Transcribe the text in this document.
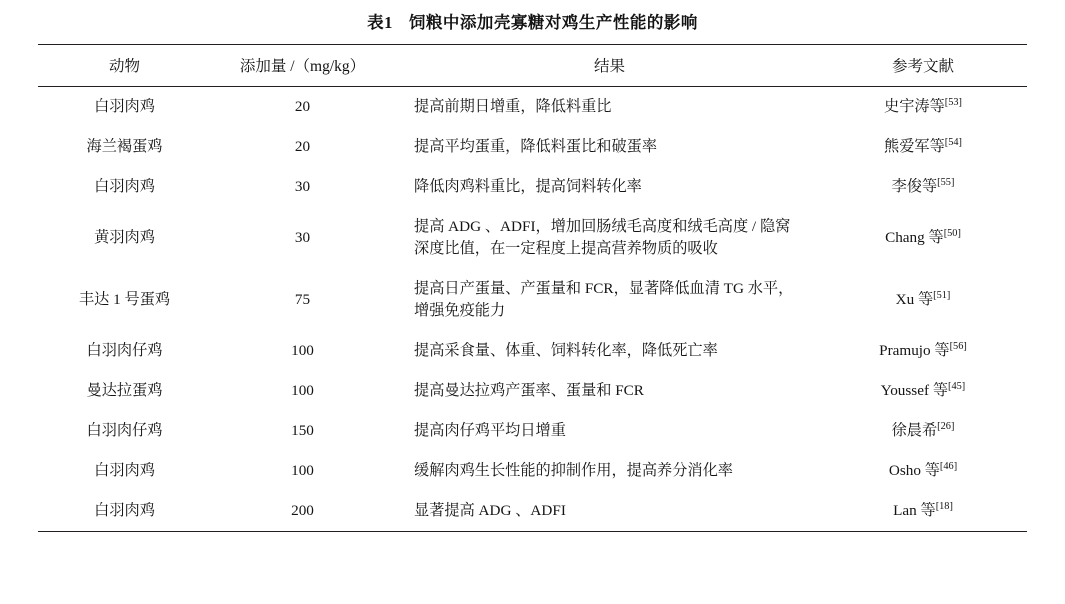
表1 饲粮中添加壳寡糖对鸡生产性能的影响
动物	添加量 /（mg/kg）	结果	参考文献
白羽肉鸡	20	提高前期日增重，降低料重比	史宇涛等[53]
海兰褐蛋鸡	20	提高平均蛋重，降低料蛋比和破蛋率	熊爱军等[54]
白羽肉鸡	30	降低肉鸡料重比，提高饲料转化率	李俊等[55]
黄羽肉鸡	30	提高 ADG 、ADFI，增加回肠绒毛高度和绒毛高度 / 隐窝
深度比值，在一定程度上提高营养物质的吸收	Chang 等[50]
丰达 1 号蛋鸡	75	提高日产蛋量、产蛋量和 FCR，显著降低血清 TG 水平，
增强免疫能力	Xu 等[51]
白羽肉仔鸡	100	提高采食量、体重、饲料转化率，降低死亡率	Pramujo 等[56]
曼达拉蛋鸡	100	提高曼达拉鸡产蛋率、蛋量和 FCR	Youssef 等[45]
白羽肉仔鸡	150	提高肉仔鸡平均日增重	徐晨希[26]
白羽肉鸡	100	缓解肉鸡生长性能的抑制作用，提高养分消化率	Osho 等[46]
白羽肉鸡	200	显著提高 ADG 、ADFI	Lan 等[18]
